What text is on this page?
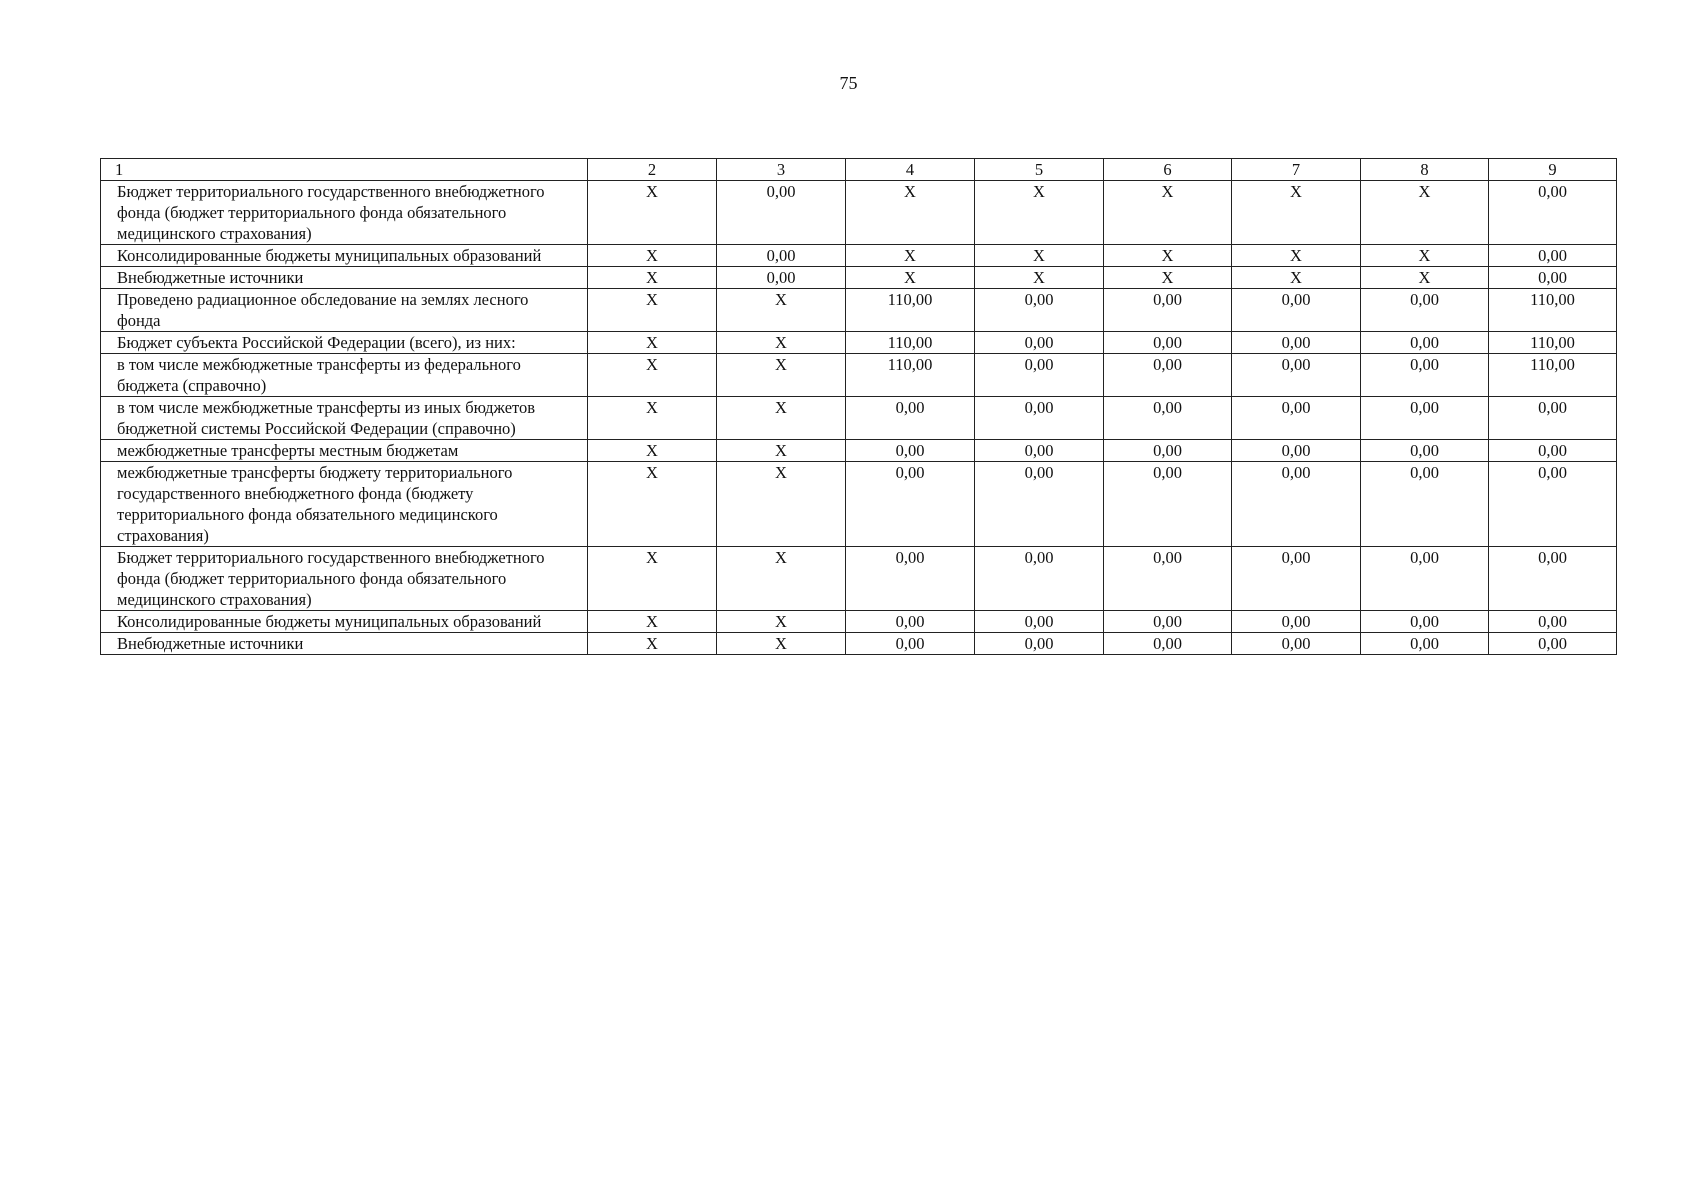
75
1	2	3	4	5	6	7	8	9
Бюджет территориального государственного внебюджетного фонда (бюджет территориального фонда обязательного медицинского страхования)	X	0,00	X	X	X	X	X	0,00
Консолидированные бюджеты муниципальных образований	X	0,00	X	X	X	X	X	0,00
Внебюджетные источники	X	0,00	X	X	X	X	X	0,00
Проведено радиационное обследование на землях лесного фонда	X	X	110,00	0,00	0,00	0,00	0,00	110,00
Бюджет субъекта Российской Федерации (всего), из них:	X	X	110,00	0,00	0,00	0,00	0,00	110,00
в том числе межбюджетные трансферты из федерального бюджета (справочно)	X	X	110,00	0,00	0,00	0,00	0,00	110,00
в том числе межбюджетные трансферты из иных бюджетов бюджетной системы Российской Федерации (справочно)	X	X	0,00	0,00	0,00	0,00	0,00	0,00
межбюджетные трансферты местным бюджетам	X	X	0,00	0,00	0,00	0,00	0,00	0,00
межбюджетные трансферты бюджету территориального государственного внебюджетного фонда (бюджету территориального фонда обязательного медицинского страхования)	X	X	0,00	0,00	0,00	0,00	0,00	0,00
Бюджет территориального государственного внебюджетного фонда (бюджет территориального фонда обязательного медицинского страхования)	X	X	0,00	0,00	0,00	0,00	0,00	0,00
Консолидированные бюджеты муниципальных образований	X	X	0,00	0,00	0,00	0,00	0,00	0,00
Внебюджетные источники	X	X	0,00	0,00	0,00	0,00	0,00	0,00
